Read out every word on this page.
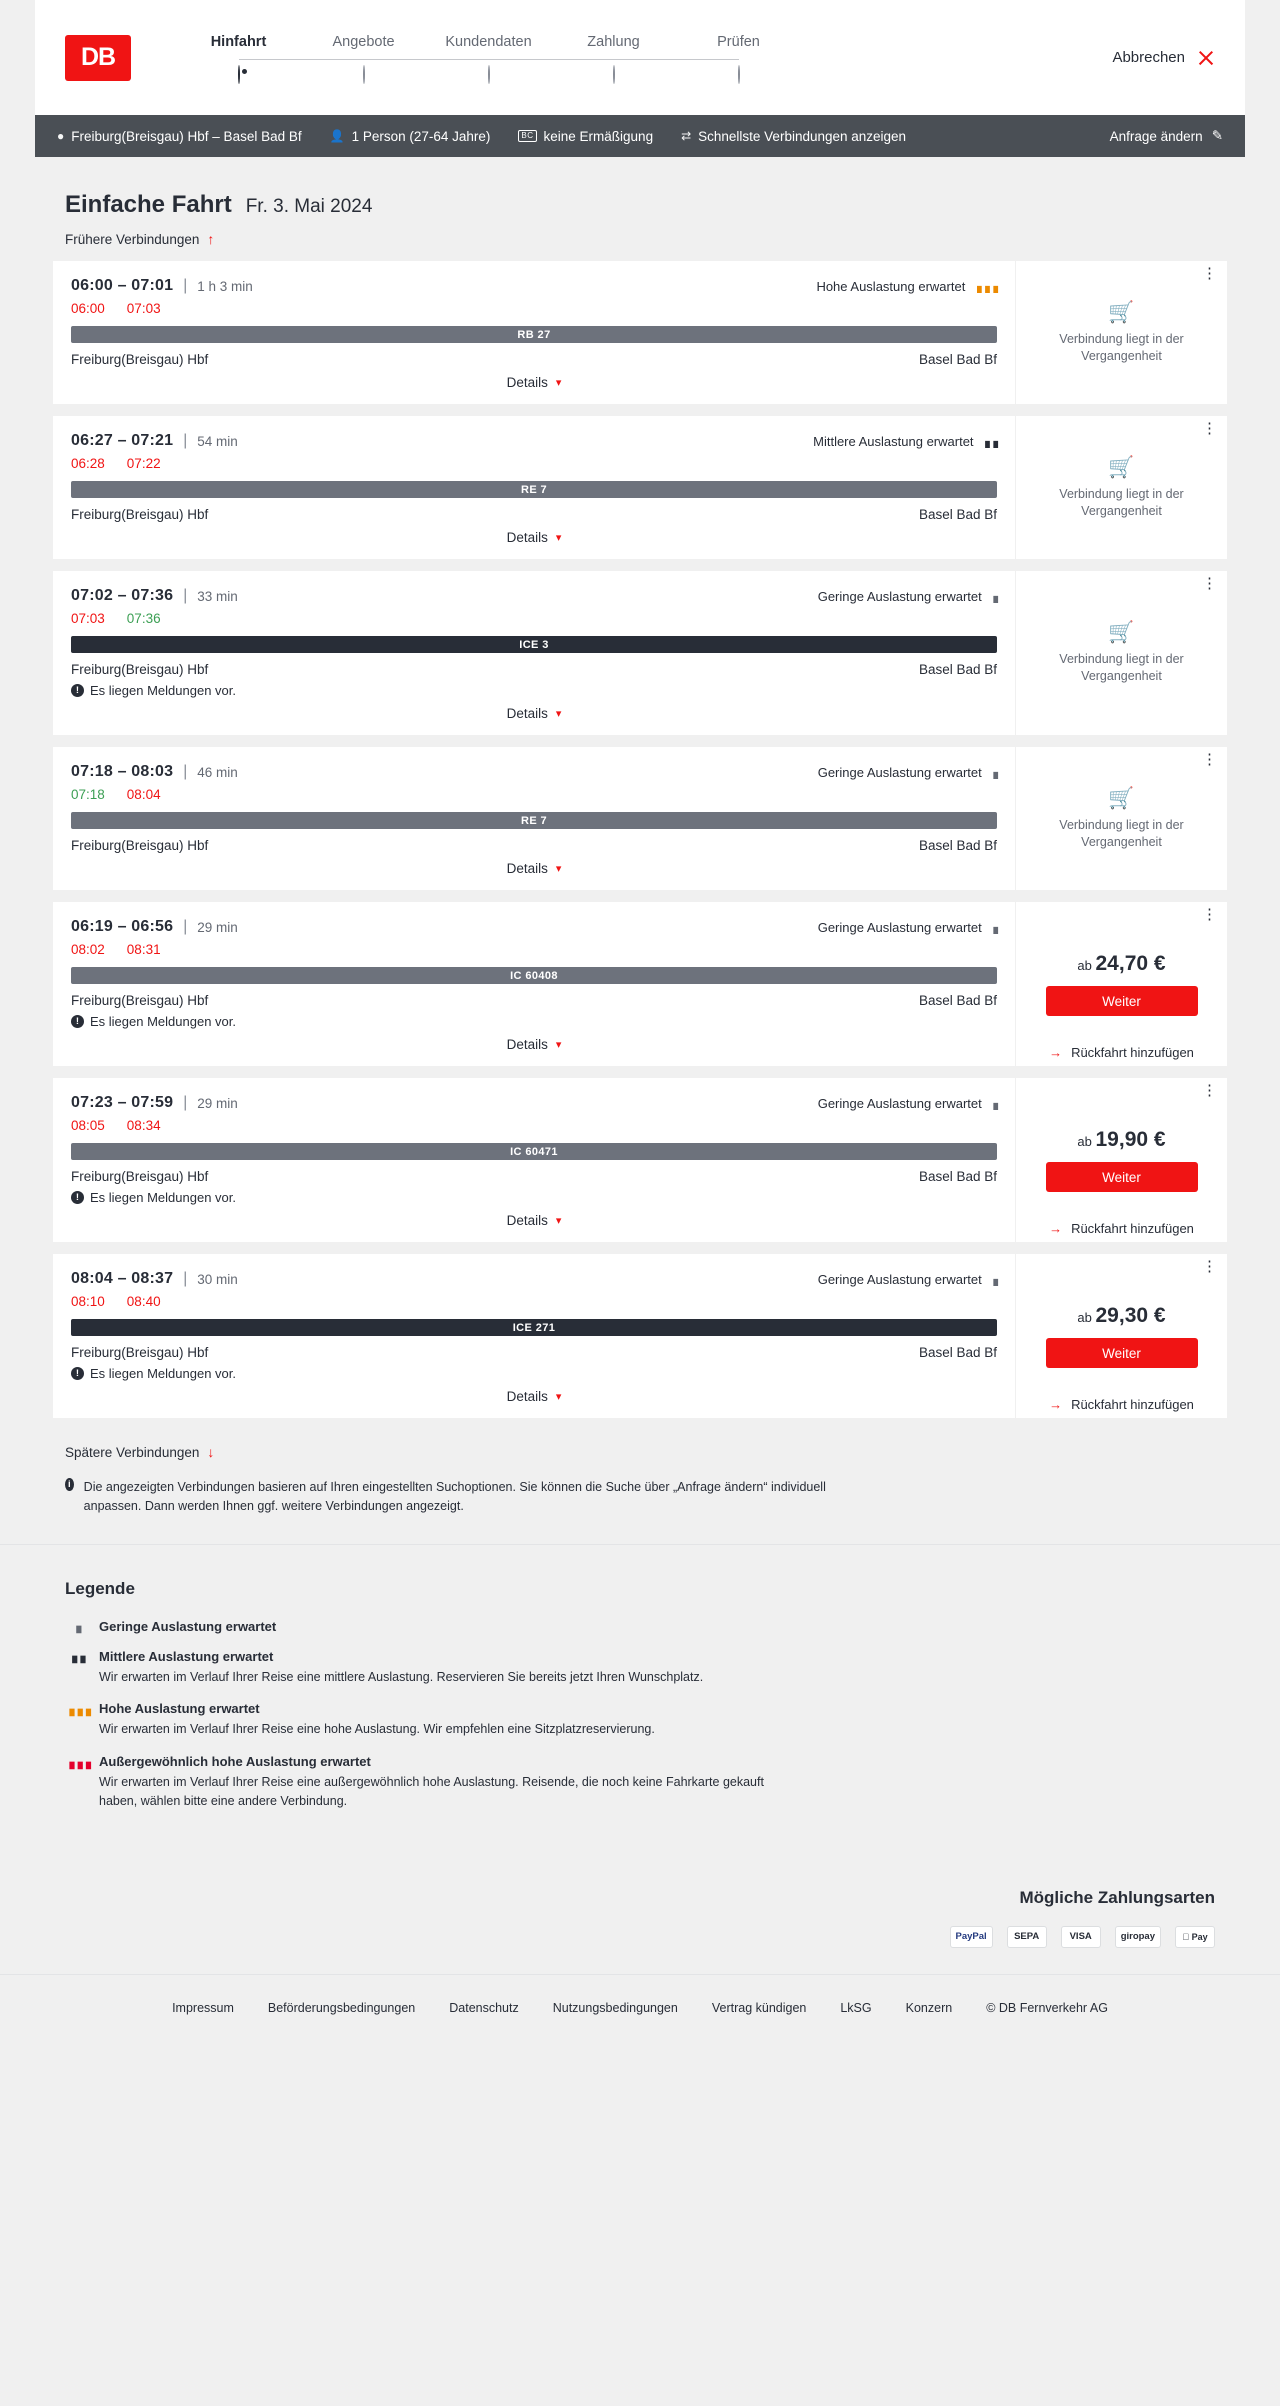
DB
Hinfahrt	Angebote	Kundendaten	Zahlung	Prüfen
Abbrechen
● Freiburg(Breisgau) Hbf – Basel Bad Bf 👤 1 Person (27-64 Jahre)	BC keine Ermäßigung ⇄ Schnellste Verbindungen anzeigen	Anfrage ändern ✎
Einfache Fahrt Fr. 3. Mai 2024
Frühere Verbindungen ↑
06:00 – 07:01 | 1 h 3 min	Hohe Auslastung erwartet ▗▗▗
06:00 07:03
RB 27
Freiburg(Breisgau) Hbf	Basel Bad Bf
Details ▾
⋮
🛒
Verbindung liegt in der Vergangenheit
06:27 – 07:21 | 54 min	Mittlere Auslastung erwartet ▗▗
06:28 07:22
RE 7
Freiburg(Breisgau) Hbf	Basel Bad Bf
Details ▾
⋮
🛒
Verbindung liegt in der Vergangenheit
07:02 – 07:36 | 33 min	Geringe Auslastung erwartet ▗
07:03 07:36
ICE 3
Freiburg(Breisgau) Hbf	Basel Bad Bf
! Es liegen Meldungen vor.
Details ▾
⋮
🛒
Verbindung liegt in der Vergangenheit
07:18 – 08:03 | 46 min	Geringe Auslastung erwartet ▗
07:18 08:04
RE 7
Freiburg(Breisgau) Hbf	Basel Bad Bf
Details ▾
⋮
🛒
Verbindung liegt in der Vergangenheit
06:19 – 06:56 | 29 min	Geringe Auslastung erwartet ▗
08:02 08:31
IC 60408
Freiburg(Breisgau) Hbf	Basel Bad Bf
! Es liegen Meldungen vor.
Details ▾
⋮
ab 24,70 €
Weiter
→ Rückfahrt hinzufügen
07:23 – 07:59 | 29 min	Geringe Auslastung erwartet ▗
08:05 08:34
IC 60471
Freiburg(Breisgau) Hbf	Basel Bad Bf
! Es liegen Meldungen vor.
Details ▾
⋮
ab 19,90 €
Weiter
→ Rückfahrt hinzufügen
08:04 – 08:37 | 30 min	Geringe Auslastung erwartet ▗
08:10 08:40
ICE 271
Freiburg(Breisgau) Hbf	Basel Bad Bf
! Es liegen Meldungen vor.
Details ▾
⋮
ab 29,30 €
Weiter
→ Rückfahrt hinzufügen
Spätere Verbindungen ↓
i Die angezeigten Verbindungen basieren auf Ihren eingestellten Suchoptionen. Sie können die Suche über „Anfrage ändern“ individuell anpassen. Dann werden Ihnen ggf. weitere Verbindungen angezeigt.
Legende
▗	Geringe Auslastung erwartet
▗▗ Mittlere Auslastung erwartet
Wir erwarten im Verlauf Ihrer Reise eine mittlere Auslastung. Reservieren Sie bereits jetzt Ihren Wunschplatz.
▗▗▗ Hohe Auslastung erwartet
Wir erwarten im Verlauf Ihrer Reise eine hohe Auslastung. Wir empfehlen eine Sitzplatzreservierung.
▗▗▗ Außergewöhnlich hohe Auslastung erwartet
Wir erwarten im Verlauf Ihrer Reise eine außergewöhnlich hohe Auslastung. Reisende, die noch keine Fahrkarte gekauft haben, wählen bitte eine andere Verbindung.
Mögliche Zahlungsarten
PayPal	SEPA	VISA	giropay	Pay
Impressum	Beförderungsbedingungen	Datenschutz	Nutzungsbedingungen	Vertrag kündigen	LkSG	Konzern	© DB Fernverkehr AG
